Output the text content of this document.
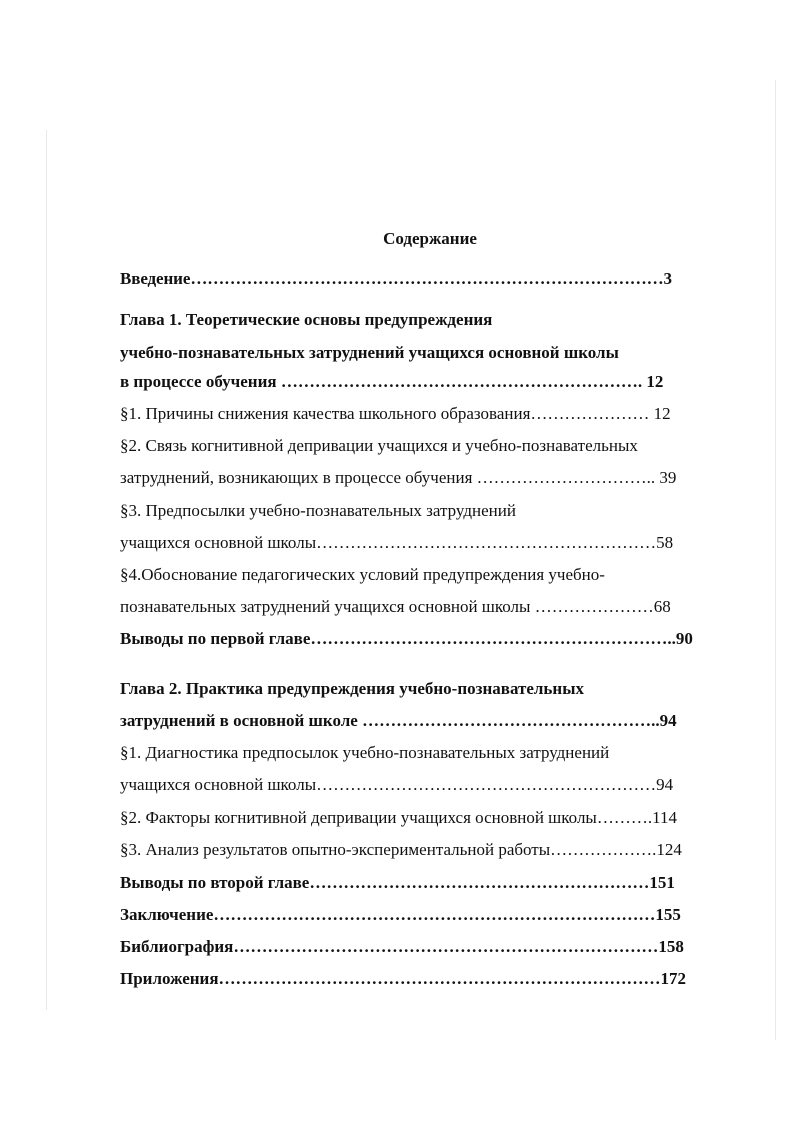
Содержание
Введение…………………………………………………………………………3
Глава 1. Теоретические основы предупреждения
учебно-познавательных затруднений учащихся основной школы
в процессе обучения ………………………………………………………. 12
§1. Причины снижения качества школьного образования………………… 12
§2. Связь когнитивной депривации учащихся и учебно-познавательных
затруднений, возникающих в процессе обучения ………………………….. 39
§3. Предпосылки учебно-познавательных затруднений
учащихся основной школы……………………………………………………58
§4.Обоснование педагогических условий предупреждения учебно-
познавательных затруднений учащихся основной школы …………………68
Выводы по первой главе………………………………………………………..90
Глава 2. Практика предупреждения учебно-познавательных
затруднений в основной школе ……………………………………………..94
§1. Диагностика предпосылок учебно-познавательных затруднений
учащихся основной школы……………………………………………………94
§2. Факторы когнитивной депривации учащихся основной школы……….114
§3. Анализ результатов опытно-экспериментальной работы……………….124
Выводы по второй главе……………………………………………………151
Заключение……………………………………………………………………155
Библиография…………………………………………………………………158
Приложения……………………………………………………………………172
